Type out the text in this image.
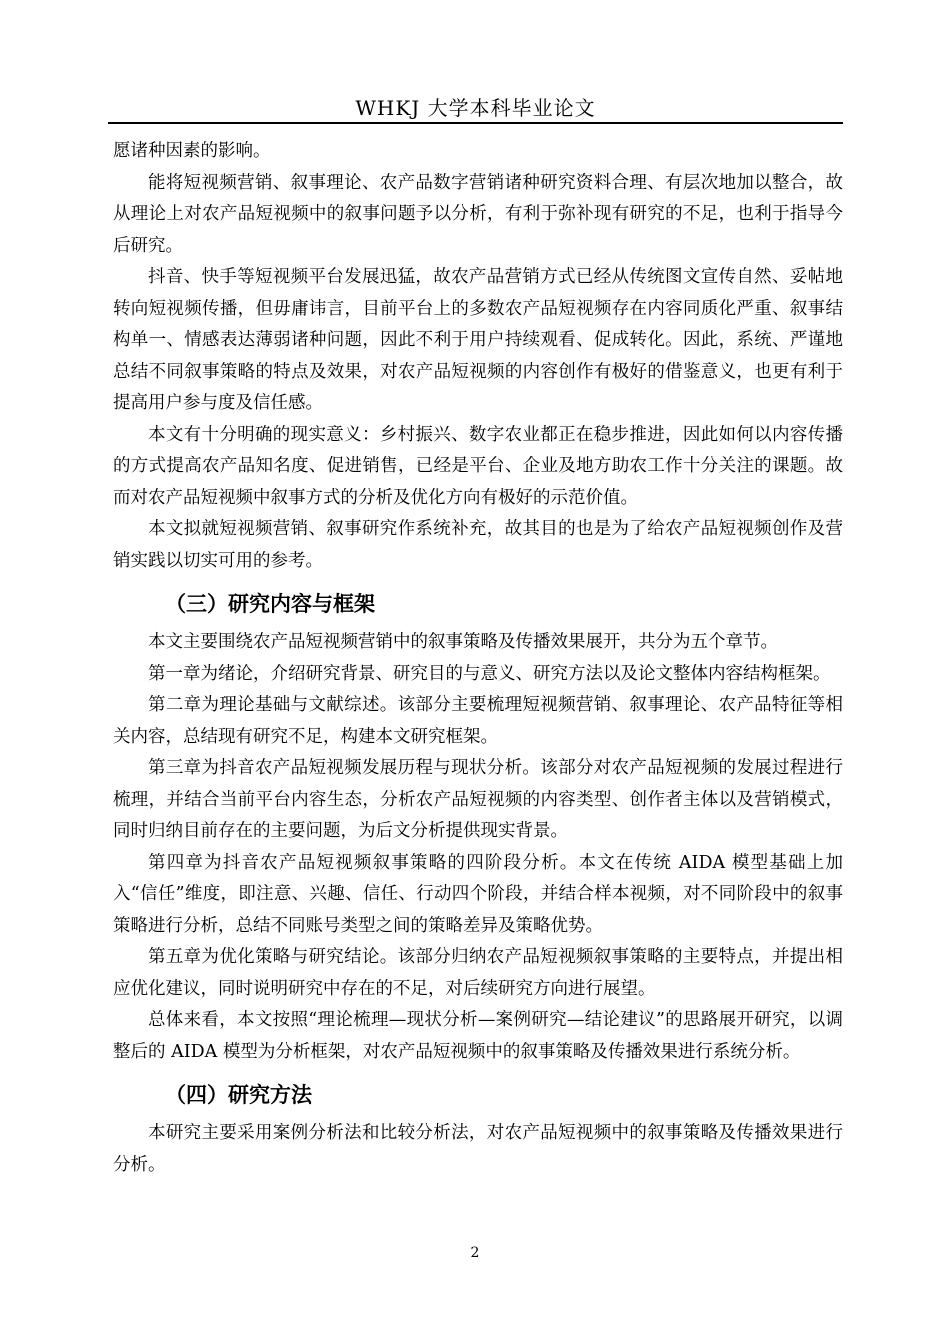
WHKJ 大学本科毕业论文

愿诸种因素的影响。

能将短视频营销、叙事理论、农产品数字营销诸种研究资料合理、有层次地加以整合，故从理论上对农产品短视频中的叙事问题予以分析，有利于弥补现有研究的不足，也利于指导今后研究。

抖音、快手等短视频平台发展迅猛，故农产品营销方式已经从传统图文宣传自然、妥帖地转向短视频传播，但毋庸讳言，目前平台上的多数农产品短视频存在内容同质化严重、叙事结构单一、情感表达薄弱诸种问题，因此不利于用户持续观看、促成转化。因此，系统、严谨地总结不同叙事策略的特点及效果，对农产品短视频的内容创作有极好的借鉴意义，也更有利于提高用户参与度及信任感。

本文有十分明确的现实意义：乡村振兴、数字农业都正在稳步推进，因此如何以内容传播的方式提高农产品知名度、促进销售，已经是平台、企业及地方助农工作十分关注的课题。故而对农产品短视频中叙事方式的分析及优化方向有极好的示范价值。

本文拟就短视频营销、叙事研究作系统补充，故其目的也是为了给农产品短视频创作及营销实践以切实可用的参考。

（三）研究内容与框架

本文主要围绕农产品短视频营销中的叙事策略及传播效果展开，共分为五个章节。

第一章为绪论，介绍研究背景、研究目的与意义、研究方法以及论文整体内容结构框架。

第二章为理论基础与文献综述。该部分主要梳理短视频营销、叙事理论、农产品特征等相关内容，总结现有研究不足，构建本文研究框架。

第三章为抖音农产品短视频发展历程与现状分析。该部分对农产品短视频的发展过程进行梳理，并结合当前平台内容生态，分析农产品短视频的内容类型、创作者主体以及营销模式，同时归纳目前存在的主要问题，为后文分析提供现实背景。

第四章为抖音农产品短视频叙事策略的四阶段分析。本文在传统 AIDA 模型基础上加入“信任”维度，即注意、兴趣、信任、行动四个阶段，并结合样本视频，对不同阶段中的叙事策略进行分析，总结不同账号类型之间的策略差异及策略优势。

第五章为优化策略与研究结论。该部分归纳农产品短视频叙事策略的主要特点，并提出相应优化建议，同时说明研究中存在的不足，对后续研究方向进行展望。

总体来看，本文按照“理论梳理—现状分析—案例研究—结论建议”的思路展开研究，以调整后的 AIDA 模型为分析框架，对农产品短视频中的叙事策略及传播效果进行系统分析。

（四）研究方法

本研究主要采用案例分析法和比较分析法，对农产品短视频中的叙事策略及传播效果进行分析。

2
